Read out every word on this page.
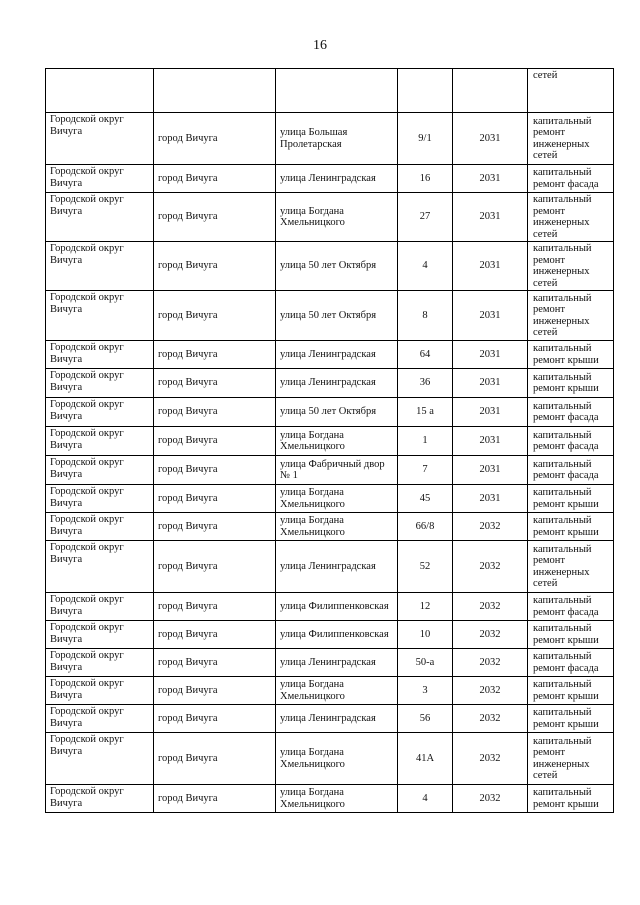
16
					сетей
Городской округ Вичуга	город Вичуга	улица Большая Пролетарская	9/1	2031	капитальный ремонт инженерных сетей
Городской округ Вичуга	город Вичуга	улица Ленинградская	16	2031	капитальный ремонт фасада
Городской округ Вичуга	город Вичуга	улица Богдана Хмельницкого	27	2031	капитальный ремонт инженерных сетей
Городской округ Вичуга	город Вичуга	улица 50 лет Октября	4	2031	капитальный ремонт инженерных сетей
Городской округ Вичуга	город Вичуга	улица 50 лет Октября	8	2031	капитальный ремонт инженерных сетей
Городской округ Вичуга	город Вичуга	улица Ленинградская	64	2031	капитальный ремонт крыши
Городской округ Вичуга	город Вичуга	улица Ленинградская	36	2031	капитальный ремонт крыши
Городской округ Вичуга	город Вичуга	улица 50 лет Октября	15 а	2031	капитальный ремонт фасада
Городской округ Вичуга	город Вичуга	улица Богдана Хмельницкого	1	2031	капитальный ремонт фасада
Городской округ Вичуга	город Вичуга	улица Фабричный двор № 1	7	2031	капитальный ремонт фасада
Городской округ Вичуга	город Вичуга	улица Богдана Хмельницкого	45	2031	капитальный ремонт крыши
Городской округ Вичуга	город Вичуга	улица Богдана Хмельницкого	66/8	2032	капитальный ремонт крыши
Городской округ Вичуга	город Вичуга	улица Ленинградская	52	2032	капитальный ремонт инженерных сетей
Городской округ Вичуга	город Вичуга	улица Филиппенковская	12	2032	капитальный ремонт фасада
Городской округ Вичуга	город Вичуга	улица Филиппенковская	10	2032	капитальный ремонт крыши
Городской округ Вичуга	город Вичуга	улица Ленинградская	50-а	2032	капитальный ремонт фасада
Городской округ Вичуга	город Вичуга	улица Богдана Хмельницкого	3	2032	капитальный ремонт крыши
Городской округ Вичуга	город Вичуга	улица Ленинградская	56	2032	капитальный ремонт крыши
Городской округ Вичуга	город Вичуга	улица Богдана Хмельницкого	41А	2032	капитальный ремонт инженерных сетей
Городской округ Вичуга	город Вичуга	улица Богдана Хмельницкого	4	2032	капитальный ремонт крыши
